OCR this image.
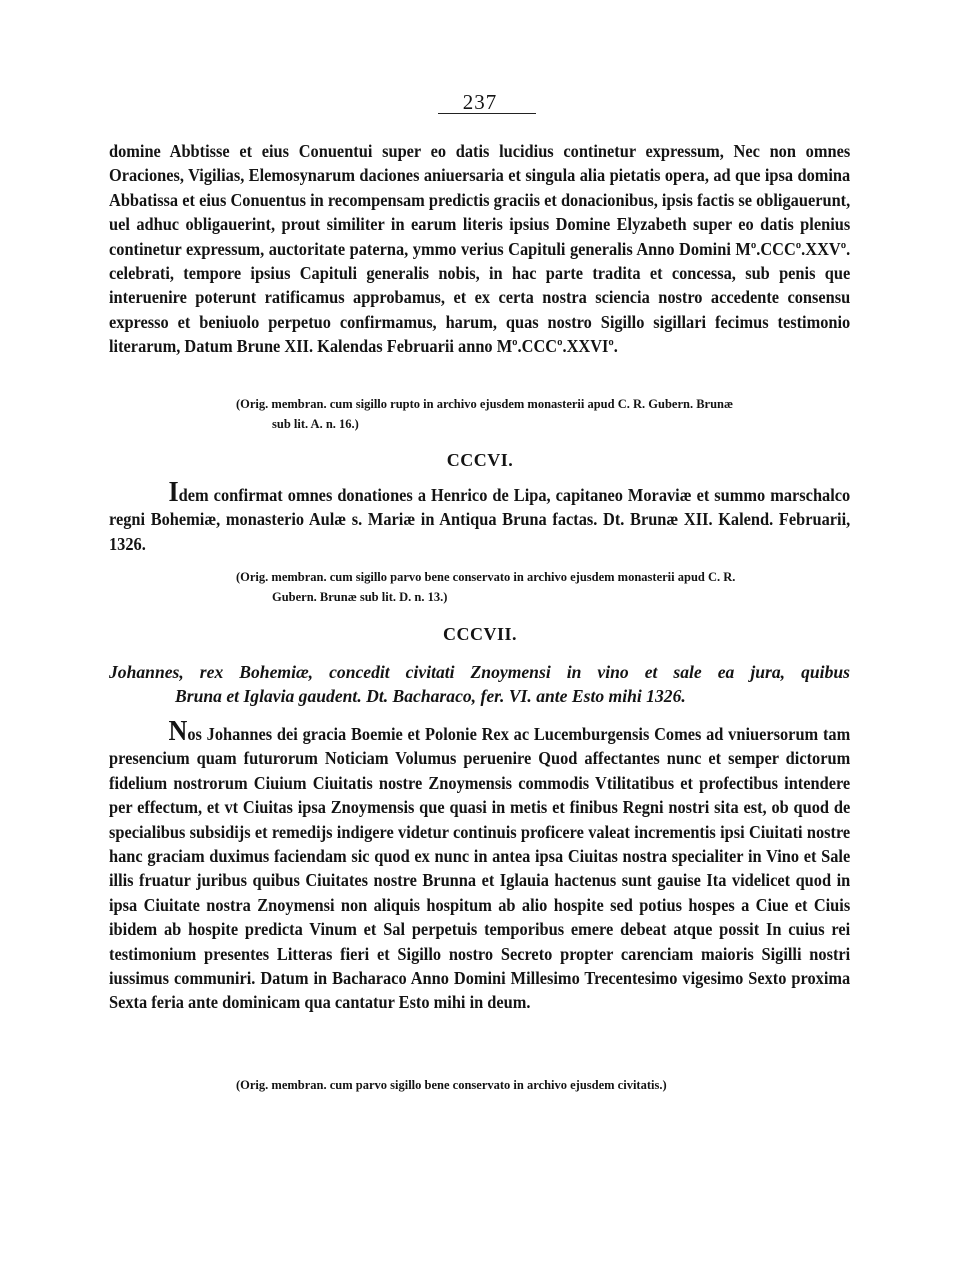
237
domine Abbtisse et eius Conuentui super eo datis lucidius continetur expressum, Nec non omnes Oraciones, Vigilias, Elemosynarum daciones aniuersaria et singula alia pietatis opera, ad que ipsa domina Abbatissa et eius Conuentus in recompensam predictis graciis et donacionibus, ipsis factis se obligauerunt, uel adhuc obligauerint, prout similiter in earum literis ipsius Domine Elyzabeth super eo datis plenius continetur expressum, auctoritate paterna, ymmo verius Capituli generalis Anno Domini Mº.CCCº.XXVº. celebrati, tempore ipsius Capituli generalis nobis, in hac parte tradita et concessa, sub penis que interuenire poterunt ratificamus approbamus, et ex certa nostra sciencia nostro accedente consensu expresso et beniuolo perpetuo confirmamus, harum, quas nostro Sigillo sigillari fecimus testimonio literarum, Datum Brune XII. Kalendas Februarii anno Mº.CCCº.XXVIº.
(Orig. membran. cum sigillo rupto in archivo ejusdem monasterii apud C. R. Gubern. Brunæ
sub lit. A. n. 16.)
CCCVI.
Idem confirmat omnes donationes a Henrico de Lipa, capitaneo Moraviæ et summo marschalco regni Bohemiæ, monasterio Aulæ s. Mariæ in Antiqua Bruna factas. Dt. Brunæ XII. Kalend. Februarii, 1326.
(Orig. membran. cum sigillo parvo bene conservato in archivo ejusdem monasterii apud C. R.
Gubern. Brunæ sub lit. D. n. 13.)
CCCVII.
Johannes, rex Bohemiæ, concedit civitati Znoymensi in vino et sale ea jura, quibus
Bruna et Iglavia gaudent. Dt. Bacharaco, fer. VI. ante Esto mihi 1326.
Nos Johannes dei gracia Boemie et Polonie Rex ac Lucemburgensis Comes ad vniuersorum tam presencium quam futurorum Noticiam Volumus peruenire Quod affectantes nunc et semper dictorum fidelium nostrorum Ciuium Ciuitatis nostre Znoymensis commodis Vtilitatibus et profectibus intendere per effectum, et vt Ciuitas ipsa Znoymensis que quasi in metis et finibus Regni nostri sita est, ob quod de specialibus subsidijs et remedijs indigere videtur continuis proficere valeat incrementis ipsi Ciuitati nostre hanc graciam duximus faciendam sic quod ex nunc in antea ipsa Ciuitas nostra specialiter in Vino et Sale illis fruatur juribus quibus Ciuitates nostre Brunna et Iglauia hactenus sunt gauise Ita videlicet quod in ipsa Ciuitate nostra Znoymensi non aliquis hospitum ab alio hospite sed potius hospes a Ciue et Ciuis ibidem ab hospite predicta Vinum et Sal perpetuis temporibus emere debeat atque possit In cuius rei testimonium presentes Litteras fieri et Sigillo nostro Secreto propter carenciam maioris Sigilli nostri iussimus communiri. Datum in Bacharaco Anno Domini Millesimo Trecentesimo vigesimo Sexto proxima Sexta feria ante dominicam qua cantatur Esto mihi in deum.
(Orig. membran. cum parvo sigillo bene conservato in archivo ejusdem civitatis.)
